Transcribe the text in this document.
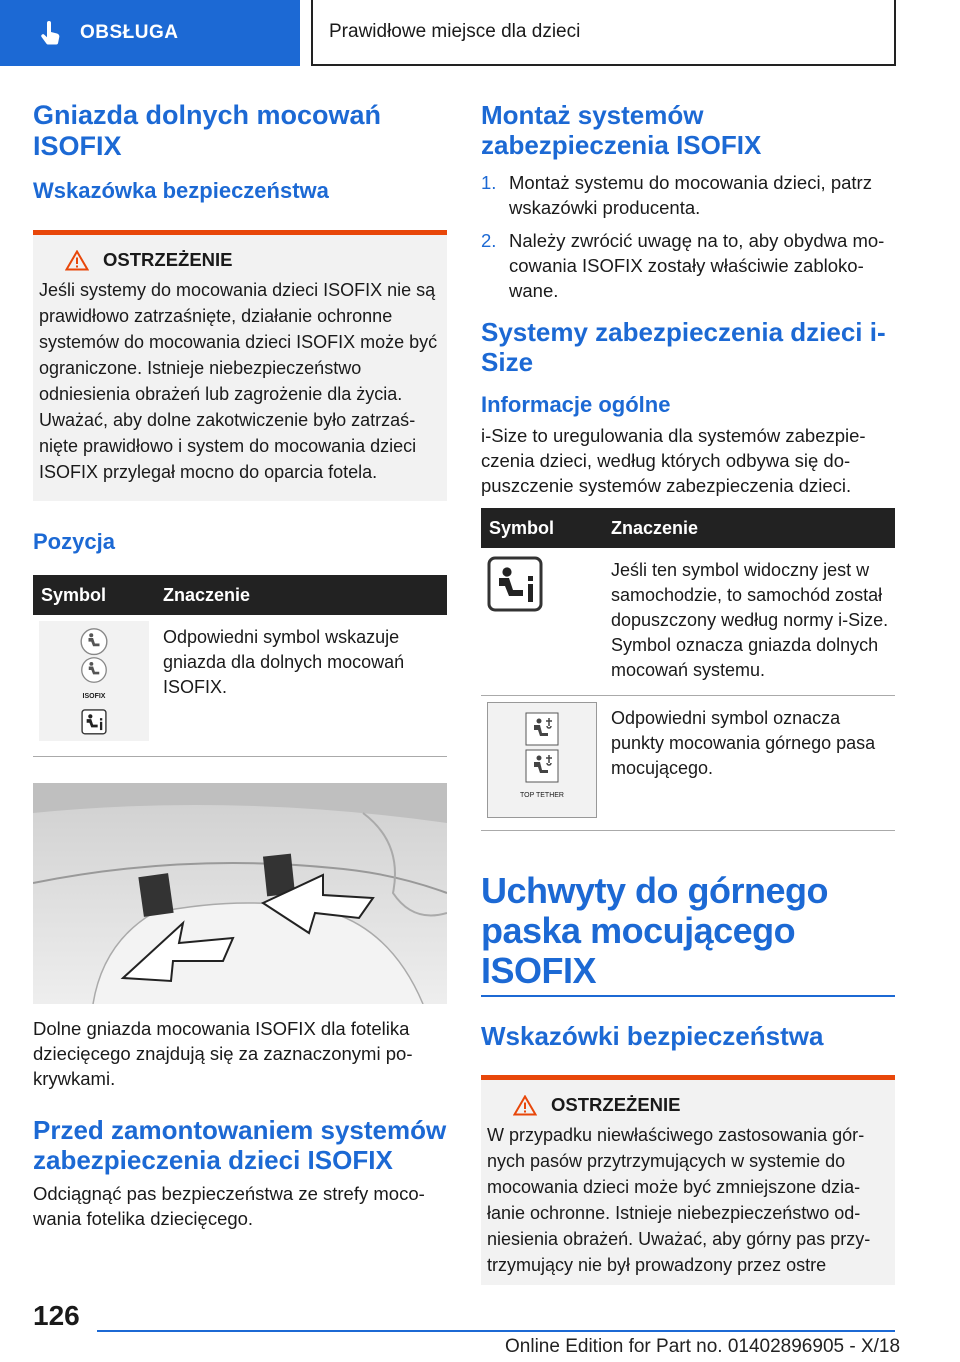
OBSŁUGA	Prawidłowe miejsce dla dzieci
Gniazda dolnych mocowań ISOFIX
Wskazówka bezpieczeństwa
OSTRZEŻENIE

Jeśli systemy do mocowania dzieci ISOFIX nie są prawidłowo zatrzaśnięte, działanie ochronne systemów do mocowania dzieci ISOFIX może być ograniczone. Istnieje niebezpieczeństwo odniesienia obrażeń lub zagrożenie dla życia. Uważać, aby dolne zakotwiczenie było zatrzaśnięte prawidłowo i system do mocowania dzieci ISOFIX przylegał mocno do oparcia fotela.

Pozycja
Symbol	Znaczenie

ISOFIX	Odpowiedni symbol wskazuje gniazda dla dolnych mocowań ISOFIX.

Dolne gniazda mocowania ISOFIX dla fotelika dziecięcego znajdują się za zaznaczonymi pokrywkami.

Przed zamontowaniem systemów zabezpieczenia dzieci ISOFIX

Odciągnąć pas bezpieczeństwa ze strefy mocowania fotelika dziecięcego.

Montaż systemów zabezpieczenia ISOFIX
1. Montaż systemu do mocowania dzieci, patrz wskazówki producenta.
2. Należy zwrócić uwagę na to, aby obydwa mocowania ISOFIX zostały właściwie zablokowane.
Systemy zabezpieczenia dzieci i-Size
Informacje ogólne

i-Size to uregulowania dla systemów zabezpieczenia dzieci, według których odbywa się dopuszczenie systemów zabezpieczenia dzieci.

Symbol	Znaczenie

	Jeśli ten symbol widoczny jest w samochodzie, to samochód został dopuszczony według normy i-Size. Symbol oznacza gniazda dolnych mocowań systemu.

TOP TETHER	Odpowiedni symbol oznacza punkty mocowania górnego pasa mocującego.
Uchwyty do górnego paska mocującego ISOFIX
Wskazówki bezpieczeństwa
OSTRZEŻENIE

W przypadku niewłaściwego zastosowania górnych pasów przytrzymujących w systemie do mocowania dzieci może być zmniejszone działanie ochronne. Istnieje niebezpieczeństwo odniesienia obrażeń. Uważać, aby górny pas przytrzymujący nie był prowadzony przez ostre

126
Online Edition for Part no. 01402896905 - X/18
